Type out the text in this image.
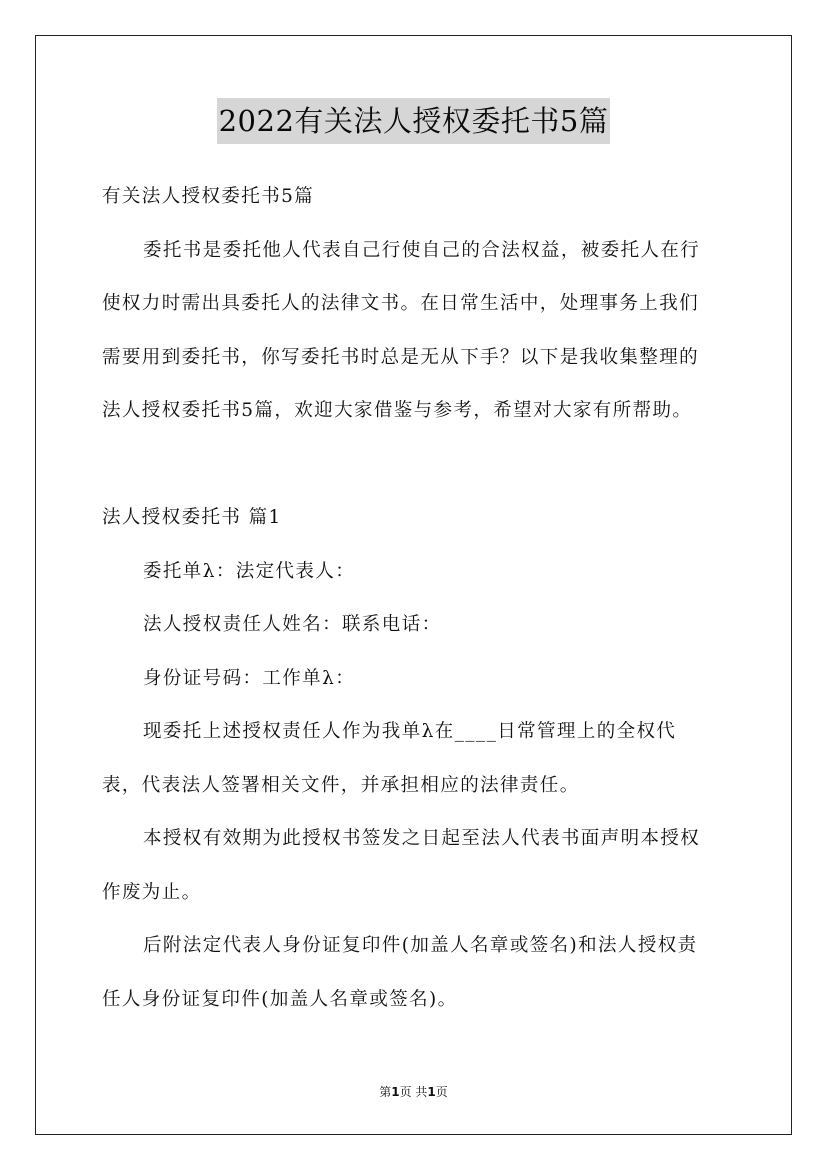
2022有关法人授权委托书5篇
有关法人授权委托书5篇
委托书是委托他人代表自己行使自己的合法权益，被委托人在行
使权力时需出具委托人的法律文书。在日常生活中，处理事务上我们
需要用到委托书，你写委托书时总是无从下手？以下是我收集整理的
法人授权委托书5篇，欢迎大家借鉴与参考，希望对大家有所帮助。
法人授权委托书 篇1
委托单λ：法定代表人：
法人授权责任人姓名：联系电话：
身份证号码：工作单λ：
现委托上述授权责任人作为我单λ在____日常管理上的全权代
表，代表法人签署相关文件，并承担相应的法律责任。
本授权有效期为此授权书签发之日起至法人代表书面声明本授权
作废为止。
后附法定代表人身份证复印件(加盖人名章或签名)和法人授权责
任人身份证复印件(加盖人名章或签名)。
第1页 共1页
